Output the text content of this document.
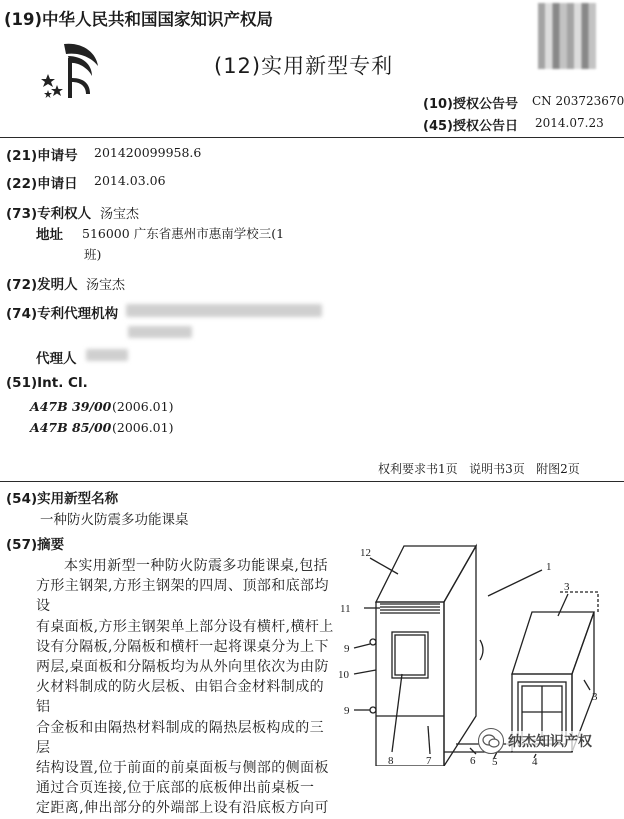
(19)中华人民共和国国家知识产权局
(12)实用新型专利
(10)授权公告号 CN 203723670
(45)授权公告日 2014.07.23
(21)申请号 201420099958.6
(22)申请日 2014.03.06
(73)专利权人 汤宝杰
地址 516000 广东省惠州市惠南学校三(1
班)
(72)发明人 汤宝杰
(74)专利代理机构
代理人
(51)Int. Cl.
A47B 39/00 (2006.01)
A47B 85/00 (2006.01)
权利要求书1页   说明书3页   附图2页
(54)实用新型名称
一种防火防震多功能课桌
(57)摘要
本实用新型一种防火防震多功能课桌,包括
方形主钢架,方形主钢架的四周、顶部和底部均设
有桌面板,方形主钢架单上部分设有横杆,横杆上
设有分隔板,分隔板和横杆一起将课桌分为上下
两层,桌面板和分隔板均为从外向里依次为由防
火材料制成的防火层板、由铝合金材料制成的铝
合金板和由隔热材料制成的隔热层板构成的三层
结构设置,位于前面的前桌面板与侧部的侧面板
通过合页连接,位于底部的底板伸出前桌板一
定距离,伸出部分的外端部上设有沿底板方向可
12
1
3
11
9
10
9
3
8	7	6 5	4
纳杰知识产权
